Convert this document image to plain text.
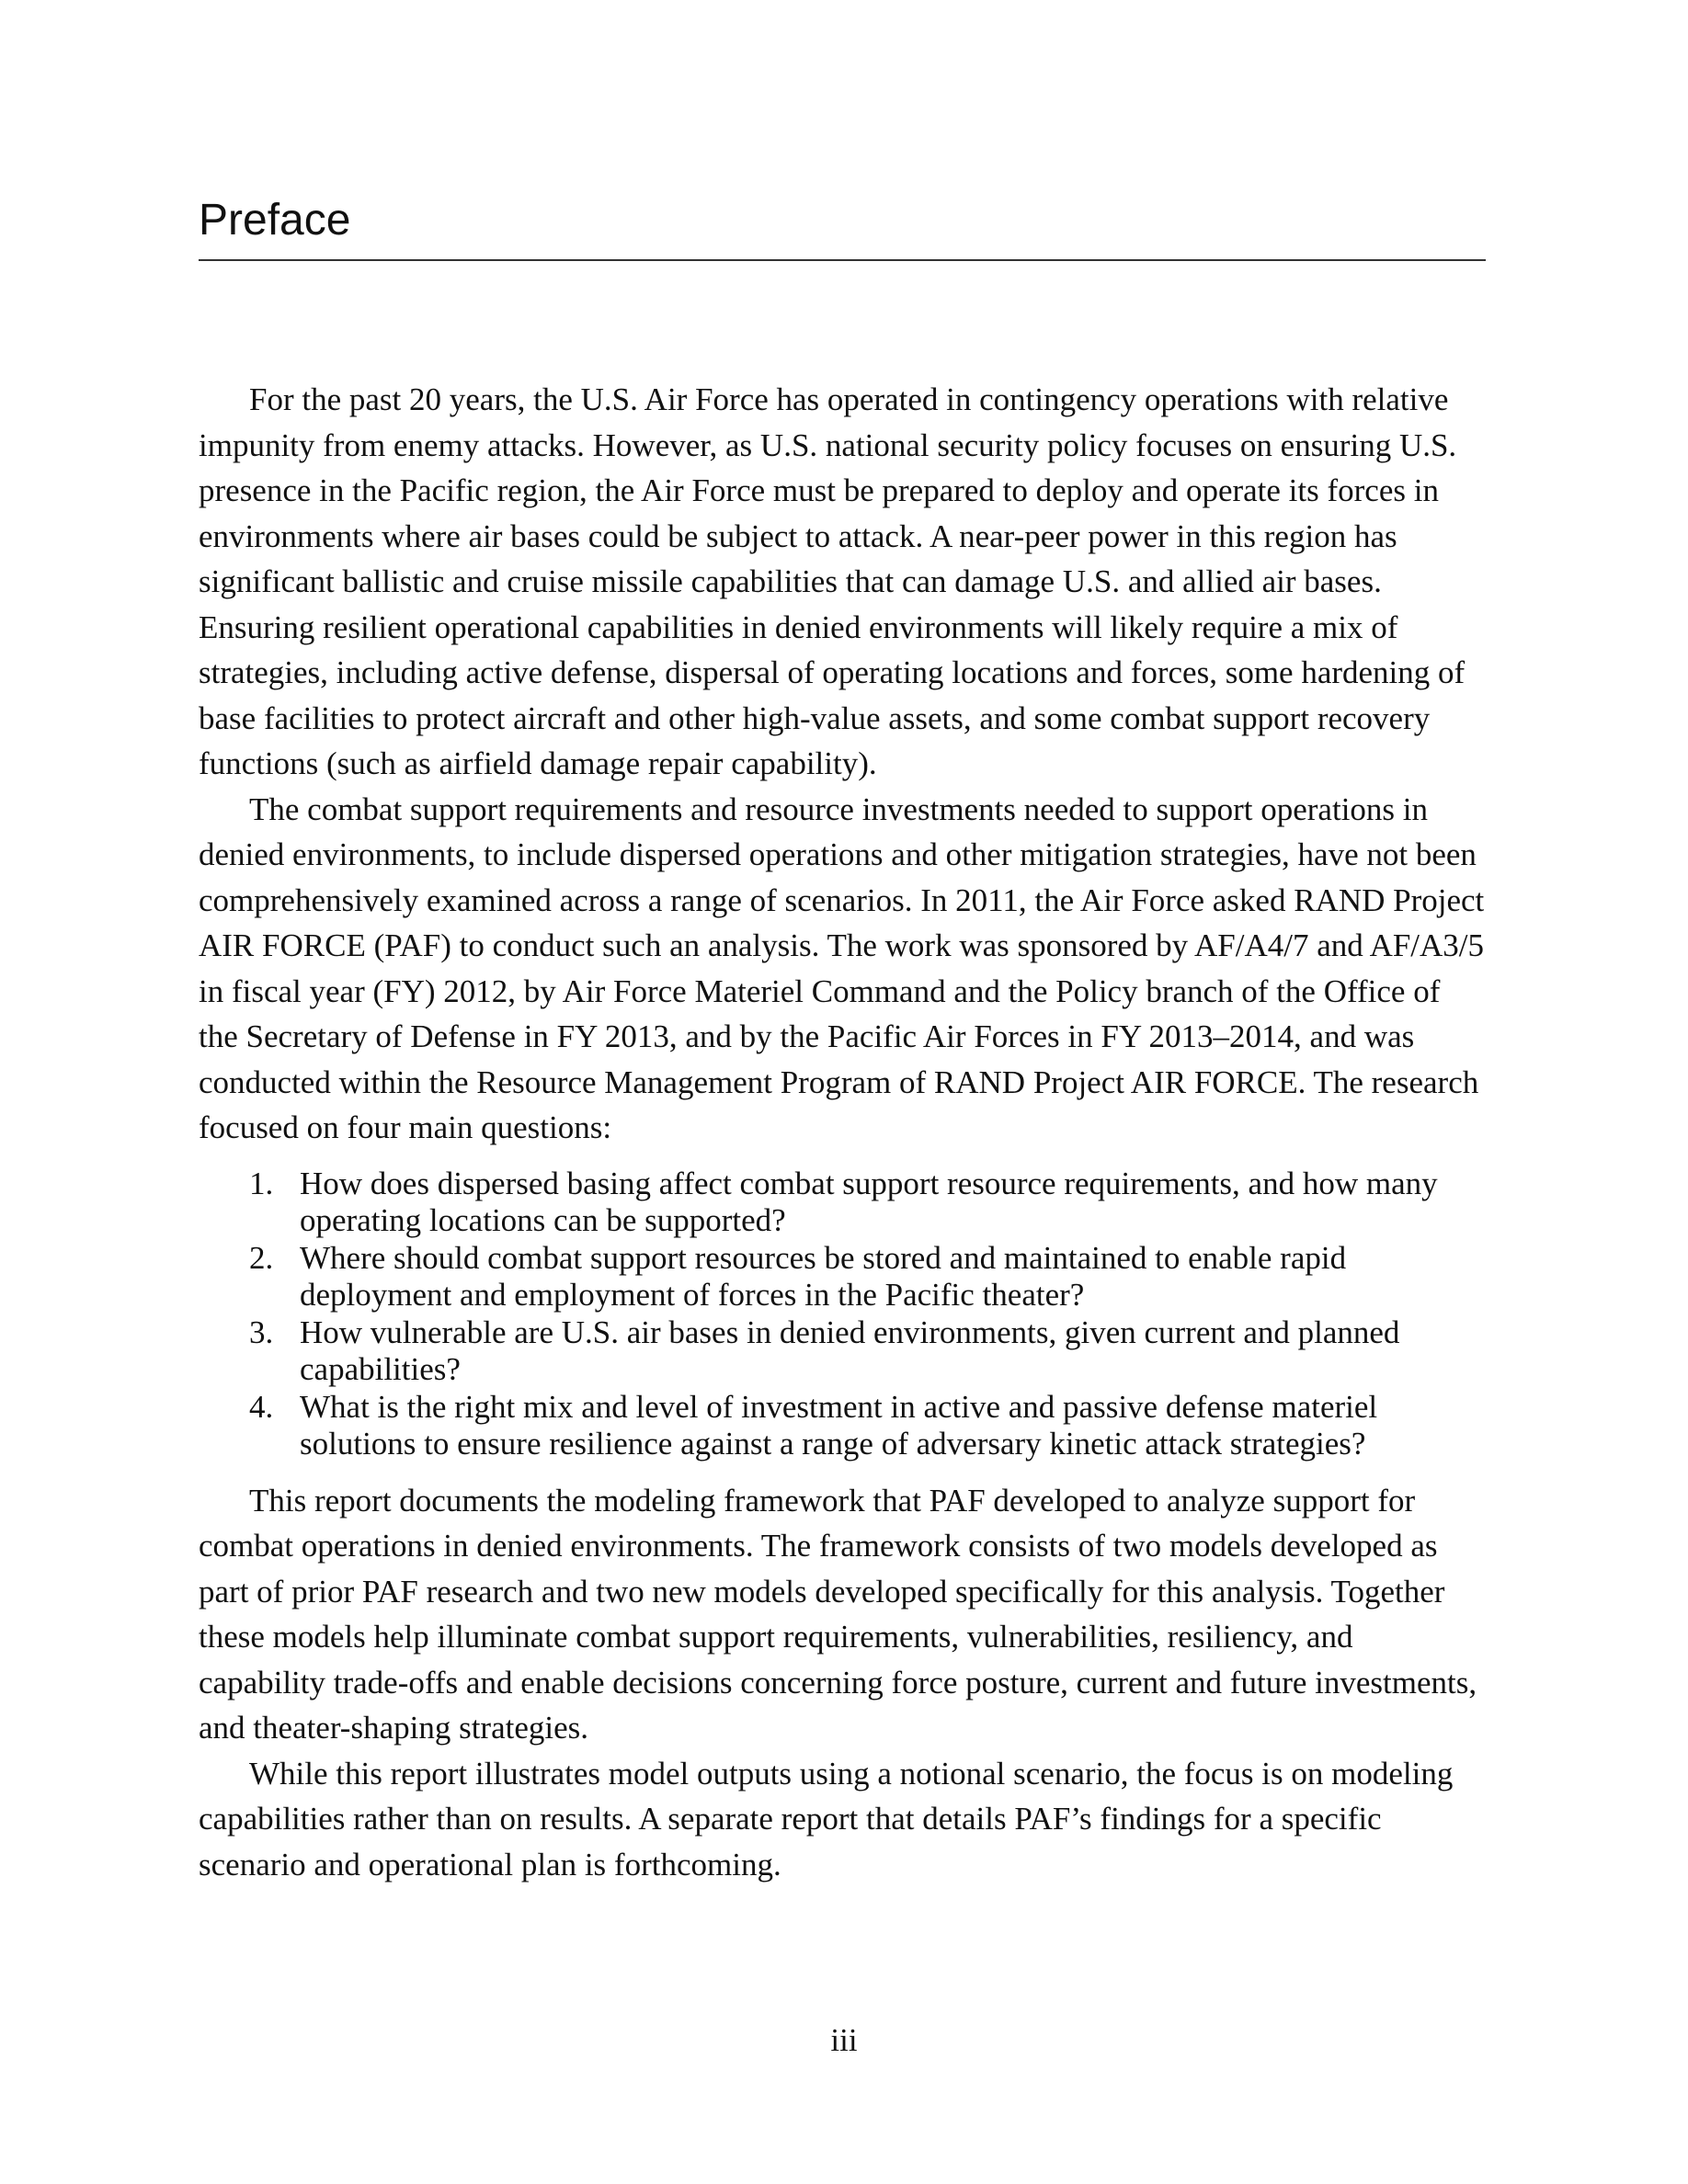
Preface

For the past 20 years, the U.S. Air Force has operated in contingency operations with relative impunity from enemy attacks. However, as U.S. national security policy focuses on ensuring U.S. presence in the Pacific region, the Air Force must be prepared to deploy and operate its forces in environments where air bases could be subject to attack. A near-peer power in this region has significant ballistic and cruise missile capabilities that can damage U.S. and allied air bases. Ensuring resilient operational capabilities in denied environments will likely require a mix of strategies, including active defense, dispersal of operating locations and forces, some hardening of base facilities to protect aircraft and other high-value assets, and some combat support recovery functions (such as airfield damage repair capability).

The combat support requirements and resource investments needed to support operations in denied environments, to include dispersed operations and other mitigation strategies, have not been comprehensively examined across a range of scenarios. In 2011, the Air Force asked RAND Project AIR FORCE (PAF) to conduct such an analysis. The work was sponsored by AF/A4/7 and AF/A3/5 in fiscal year (FY) 2012, by Air Force Materiel Command and the Policy branch of the Office of the Secretary of Defense in FY 2013, and by the Pacific Air Forces in FY 2013–2014, and was conducted within the Resource Management Program of RAND Project AIR FORCE. The research focused on four main questions:

1. How does dispersed basing affect combat support resource requirements, and how many operating locations can be supported?
2. Where should combat support resources be stored and maintained to enable rapid deployment and employment of forces in the Pacific theater?
3. How vulnerable are U.S. air bases in denied environments, given current and planned capabilities?
4. What is the right mix and level of investment in active and passive defense materiel solutions to ensure resilience against a range of adversary kinetic attack strategies?

This report documents the modeling framework that PAF developed to analyze support for combat operations in denied environments. The framework consists of two models developed as part of prior PAF research and two new models developed specifically for this analysis. Together these models help illuminate combat support requirements, vulnerabilities, resiliency, and capability trade-offs and enable decisions concerning force posture, current and future investments, and theater-shaping strategies.

While this report illustrates model outputs using a notional scenario, the focus is on modeling capabilities rather than on results. A separate report that details PAF’s findings for a specific scenario and operational plan is forthcoming.

iii
